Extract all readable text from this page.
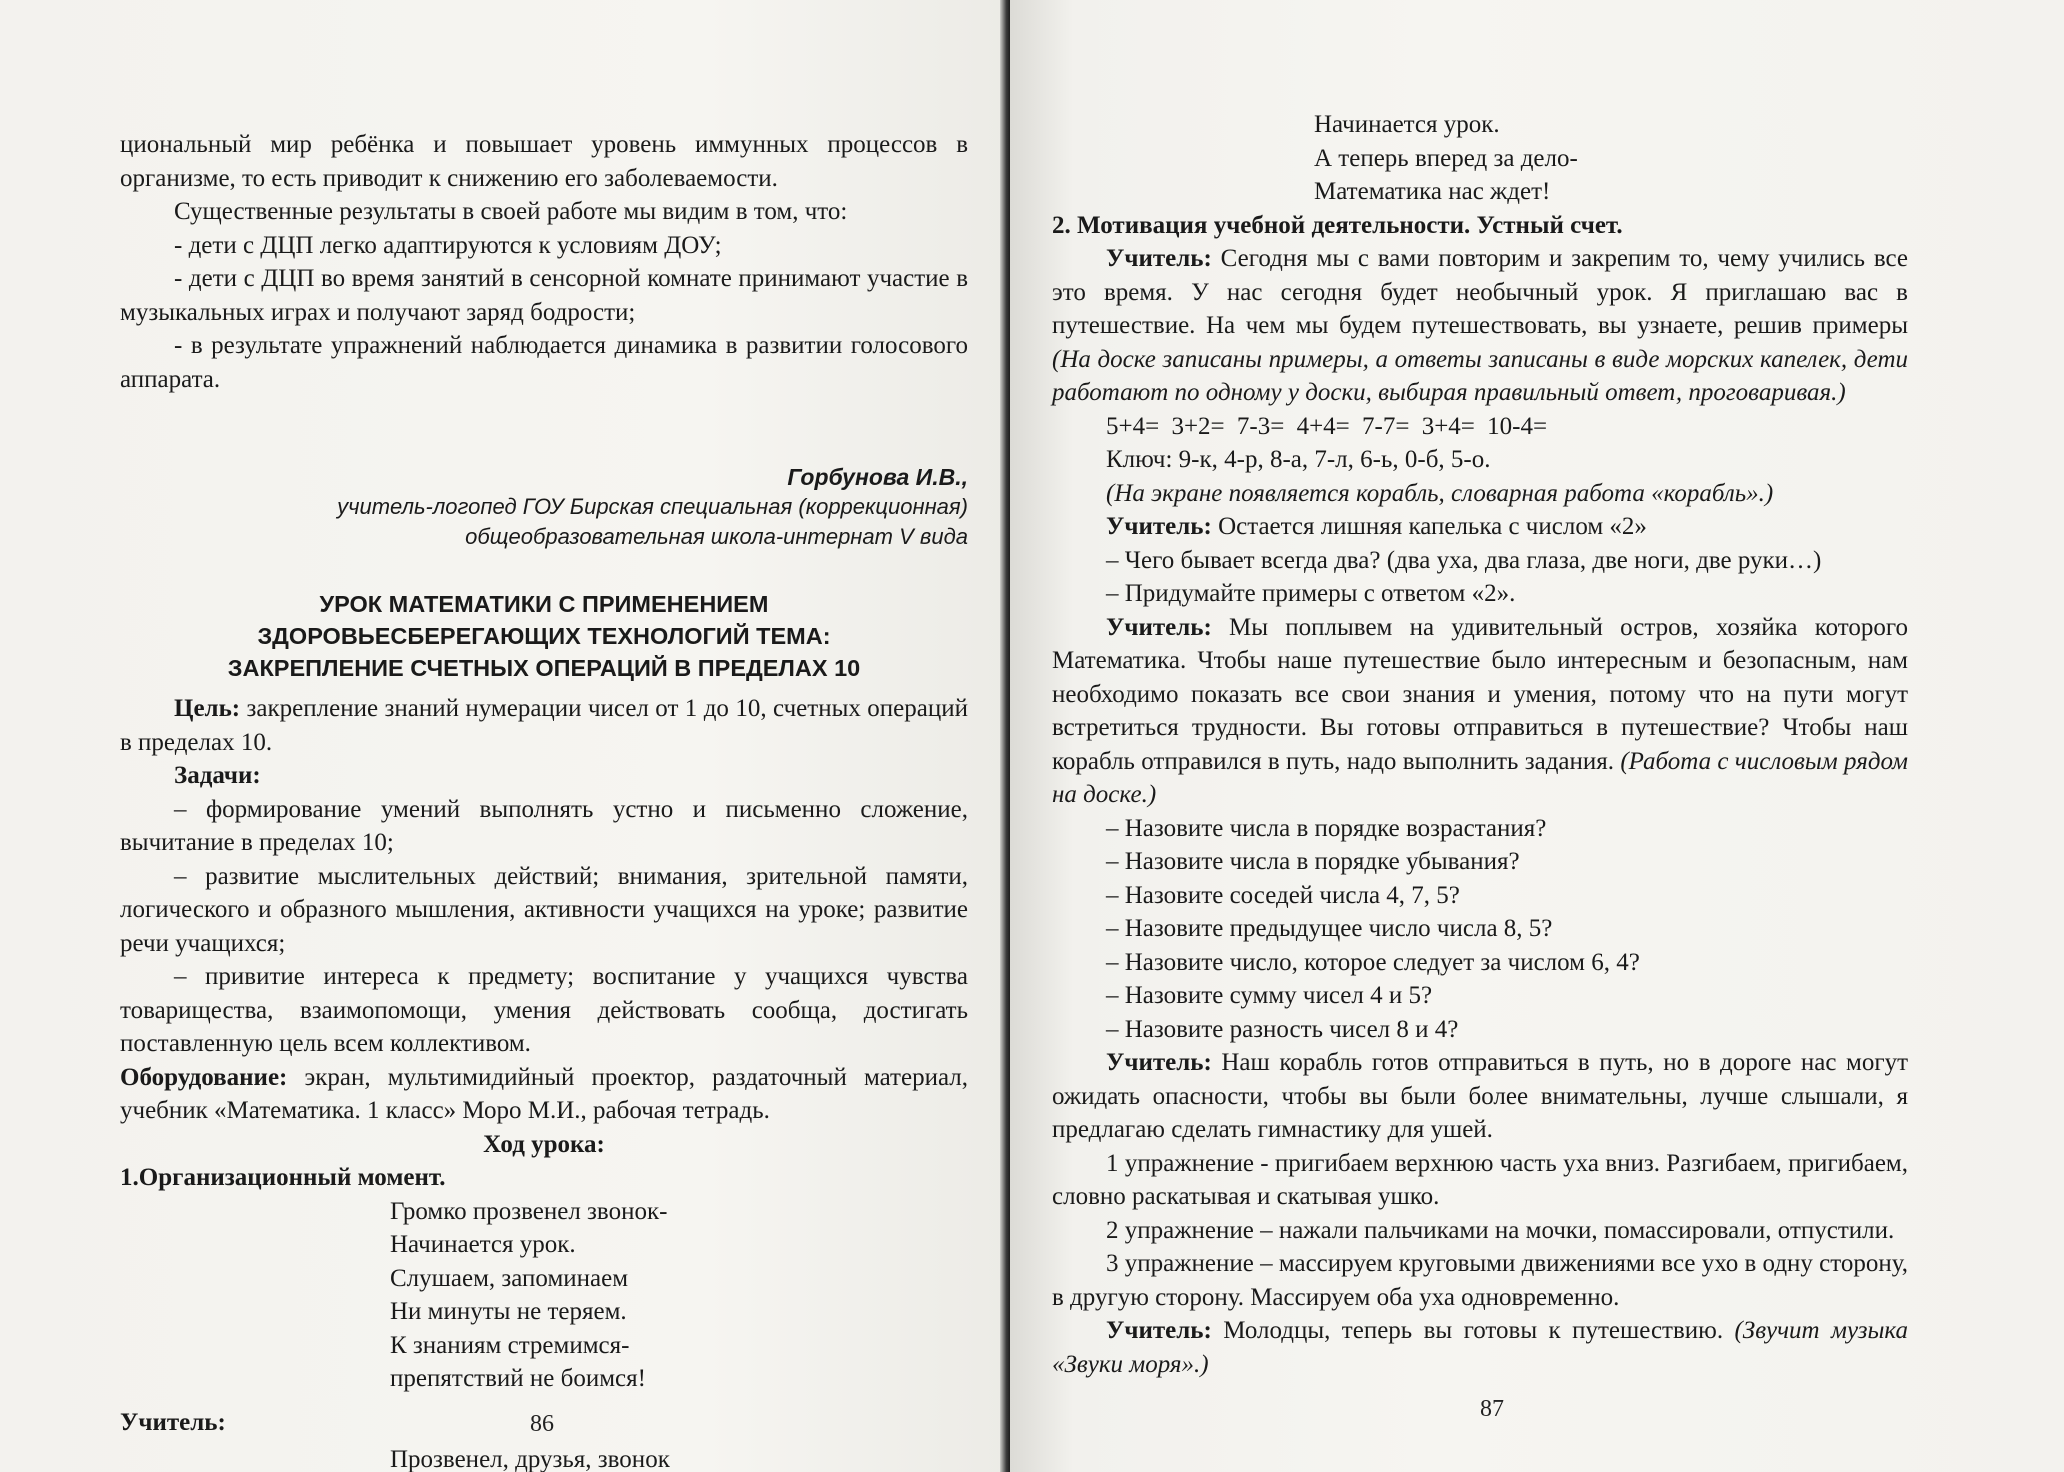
циональный мир ребёнка и повышает уровень иммунных процессов в организме, то есть приводит к снижению его заболеваемости.

Существенные результаты в своей работе мы видим в том, что:

- дети с ДЦП легко адаптируются к условиям ДОУ;

- дети с ДЦП во время занятий в сенсорной комнате принимают участие в музыкальных играх и получают заряд бодрости;

- в результате упражнений наблюдается динамика в развитии голосового аппарата.

Горбунова И.В.,
учитель-логопед ГОУ Бирская специальная (коррекционная)
общеобразовательная школа-интернат V вида
УРОК МАТЕМАТИКИ С ПРИМЕНЕНИЕМ
ЗДОРОВЬЕСБЕРЕГАЮЩИХ ТЕХНОЛОГИЙ ТЕМА:
ЗАКРЕПЛЕНИЕ СЧЕТНЫХ ОПЕРАЦИЙ В ПРЕДЕЛАХ 10

Цель: закрепление знаний нумерации чисел от 1 до 10, счетных операций в пределах 10.

Задачи:

– формирование умений выполнять устно и письменно сложение, вычитание в пределах 10;

– развитие мыслительных действий; внимания, зрительной памяти, логического и образного мышления, активности учащихся на уроке; развитие речи учащихся;

– привитие интереса к предмету; воспитание у учащихся чувства товарищества, взаимопомощи, умения действовать сообща, достигать поставленную цель всем коллективом.

Оборудование: экран, мультимидийный проектор, раздаточный материал, учебник «Математика. 1 класс» Моро М.И., рабочая тетрадь.

Ход урока:

1.Организационный момент.

Громко прозвенел звонок-

Начинается урок.

Слушаем, запоминаем

Ни минуты не теряем.

К знаниям стремимся-

препятствий не боимся!

Учитель:

Прозвенел, друзья, звонок

86

Начинается урок.

А теперь вперед за дело-

Математика нас ждет!

2. Мотивация учебной деятельности. Устный счет.

Учитель: Сегодня мы с вами повторим и закрепим то, чему учились все это время. У нас сегодня будет необычный урок. Я приглашаю вас в путешествие. На чем мы будем путешествовать, вы узнаете, решив примеры (На доске записаны примеры, а ответы записаны в виде морских капелек, дети работают по одному у доски, выбирая правильный ответ, проговаривая.)

5+4= 3+2= 7-3= 4+4= 7-7= 3+4= 10-4=

Ключ: 9-к, 4-р, 8-а, 7-л, 6-ь, 0-б, 5-о.

(На экране появляется корабль, словарная работа «корабль».)

Учитель: Остается лишняя капелька с числом «2»

– Чего бывает всегда два? (два уха, два глаза, две ноги, две руки…)

– Придумайте примеры с ответом «2».

Учитель: Мы поплывем на удивительный остров, хозяйка которого Математика. Чтобы наше путешествие было интересным и безопасным, нам необходимо показать все свои знания и умения, потому что на пути могут встретиться трудности. Вы готовы отправиться в путешествие? Чтобы наш корабль отправился в путь, надо выполнить задания. (Работа с числовым рядом на доске.)

– Назовите числа в порядке возрастания?

– Назовите числа в порядке убывания?

– Назовите соседей числа 4, 7, 5?

– Назовите предыдущее число числа 8, 5?

– Назовите число, которое следует за числом 6, 4?

– Назовите сумму чисел 4 и 5?

– Назовите разность чисел 8 и 4?

Учитель: Наш корабль готов отправиться в путь, но в дороге нас могут ожидать опасности, чтобы вы были более внимательны, лучше слышали, я предлагаю сделать гимнастику для ушей.

1 упражнение - пригибаем верхнюю часть уха вниз. Разгибаем, пригибаем, словно раскатывая и скатывая ушко.

2 упражнение – нажали пальчиками на мочки, помассировали, отпустили.

3 упражнение – массируем круговыми движениями все ухо в одну сторону, в другую сторону. Массируем оба уха одновременно.

Учитель: Молодцы, теперь вы готовы к путешествию. (Звучит музыка «Звуки моря».)

87
